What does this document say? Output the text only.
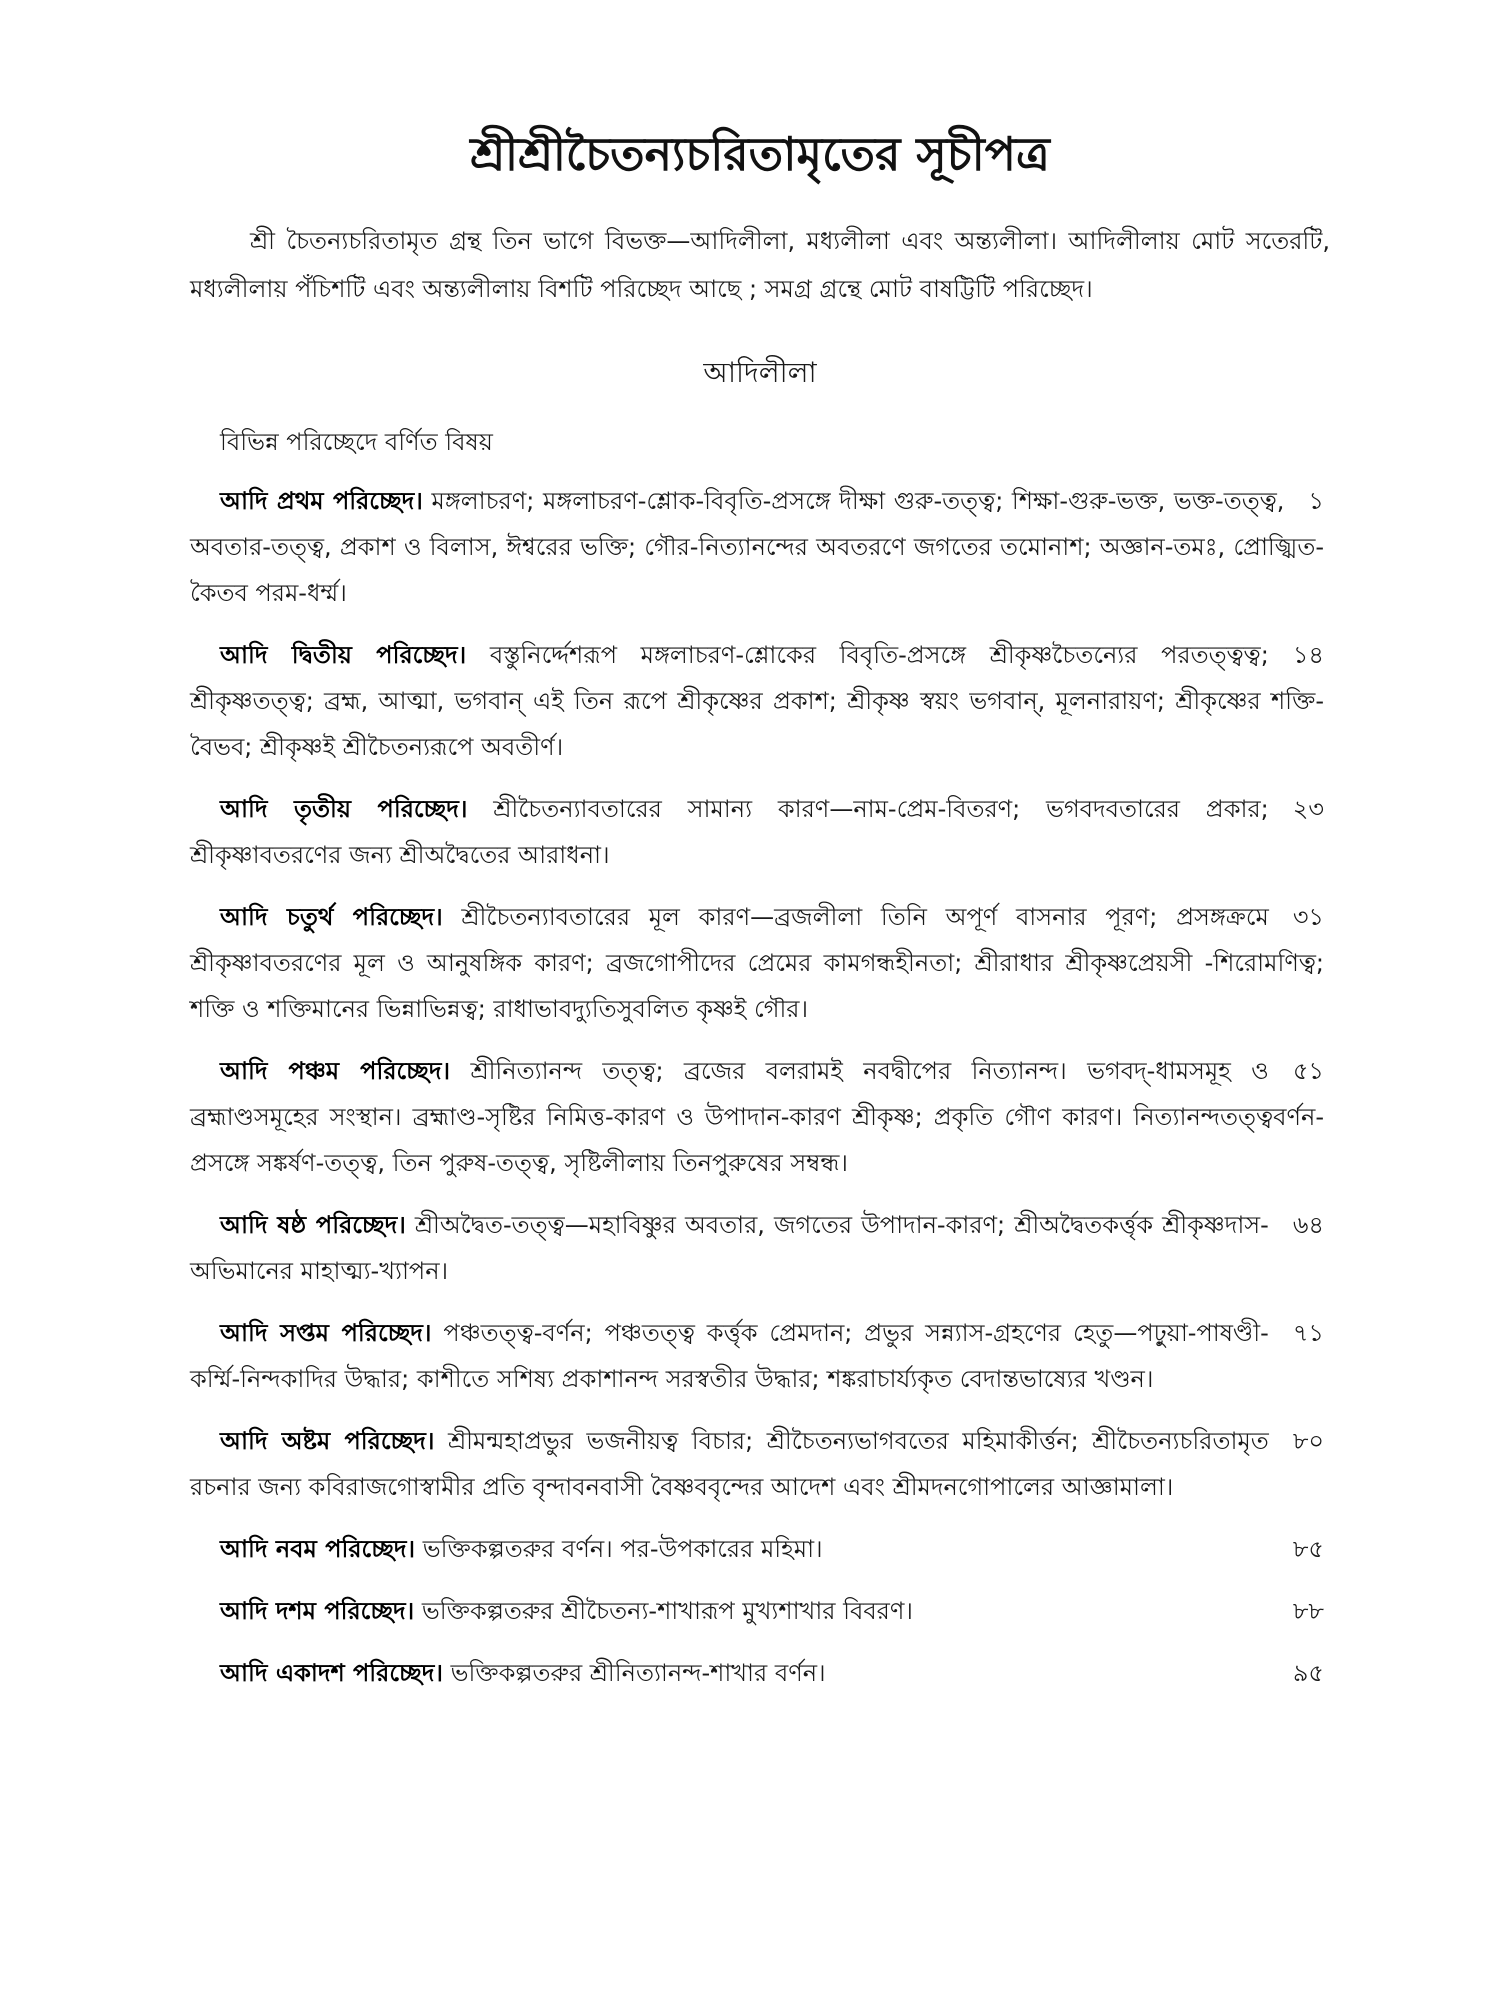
শ্রীশ্রীচৈতন্যচরিতামৃতের সূচীপত্র

শ্রী চৈতন্যচরিতামৃত গ্রন্থ তিন ভাগে বিভক্ত—আদিলীলা, মধ্যলীলা এবং অন্ত্যলীলা। আদিলীলায় মোট সতেরটি, মধ্যলীলায় পঁচিশটি এবং অন্ত্যলীলায় বিশটি পরিচ্ছেদ আছে ; সমগ্র গ্রন্থে মোট বাষট্টিটি পরিচ্ছেদ।

আদিলীলা
বিভিন্ন পরিচ্ছেদে বর্ণিত বিষয়

১
আদি প্রথম পরিচ্ছেদ। মঙ্গলাচরণ; মঙ্গলাচরণ-শ্লোক-বিবৃতি-প্রসঙ্গে দীক্ষা গুরু-তত্ত্ব; শিক্ষা-গুরু-ভক্ত, ভক্ত-তত্ত্ব, অবতার-তত্ত্ব, প্রকাশ ও বিলাস, ঈশ্বরের ভক্তি; গৌর-নিত্যানন্দের অবতরণে জগতের তমোনাশ; অজ্ঞান-তমঃ, প্রোজ্ঝিত-কৈতব পরম-ধর্ম্ম।

১৪
আদি দ্বিতীয় পরিচ্ছেদ। বস্তুনির্দ্দেশরূপ মঙ্গলাচরণ-শ্লোকের বিবৃতি-প্রসঙ্গে শ্রীকৃষ্ণচৈতন্যের পরতত্ত্বত্ব; শ্রীকৃষ্ণতত্ত্ব; ব্রহ্ম, আত্মা, ভগবান্ এই তিন রূপে শ্রীকৃষ্ণের প্রকাশ; শ্রীকৃষ্ণ স্বয়ং ভগবান্, মূলনারায়ণ; শ্রীকৃষ্ণের শক্তি-বৈভব; শ্রীকৃষ্ণই শ্রীচৈতন্যরূপে অবতীর্ণ।

২৩
আদি তৃতীয় পরিচ্ছেদ। শ্রীচৈতন্যাবতারের সামান্য কারণ—নাম-প্রেম-বিতরণ; ভগবদবতারের প্রকার; শ্রীকৃষ্ণাবতরণের জন্য শ্রীঅদ্বৈতের আরাধনা।

৩১
আদি চতুর্থ পরিচ্ছেদ। শ্রীচৈতন্যাবতারের মূল কারণ—ব্রজলীলা তিনি অপূর্ণ বাসনার পূরণ; প্রসঙ্গক্রমে শ্রীকৃষ্ণাবতরণের মূল ও আনুষঙ্গিক কারণ; ব্রজগোপীদের প্রেমের কামগন্ধহীনতা; শ্রীরাধার শ্রীকৃষ্ণপ্রেয়সী -শিরোমণিত্ব; শক্তি ও শক্তিমানের ভিন্নাভিন্নত্ব; রাধাভাবদ্যুতিসুবলিত কৃষ্ণই গৌর।

৫১
আদি পঞ্চম পরিচ্ছেদ। শ্রীনিত্যানন্দ তত্ত্ব; ব্রজের বলরামই নবদ্বীপের নিত্যানন্দ। ভগবদ্-ধামসমূহ ও ব্রহ্মাণ্ডসমূহের সংস্থান। ব্রহ্মাণ্ড-সৃষ্টির নিমিত্ত-কারণ ও উপাদান-কারণ শ্রীকৃষ্ণ; প্রকৃতি গৌণ কারণ। নিত্যানন্দতত্ত্ববর্ণন-প্রসঙ্গে সঙ্কর্ষণ-তত্ত্ব, তিন পুরুষ-তত্ত্ব, সৃষ্টিলীলায় তিনপুরুষের সম্বন্ধ।

৬৪
আদি ষষ্ঠ পরিচ্ছেদ। শ্রীঅদ্বৈত-তত্ত্ব—মহাবিষ্ণুর অবতার, জগতের উপাদান-কারণ; শ্রীঅদ্বৈতকর্ত্তৃক শ্রীকৃষ্ণদাস-অভিমানের মাহাত্ম্য-খ্যাপন।

৭১
আদি সপ্তম পরিচ্ছেদ। পঞ্চতত্ত্ব-বর্ণন; পঞ্চতত্ত্ব কর্ত্তৃক প্রেমদান; প্রভুর সন্ন্যাস-গ্রহণের হেতু—পঢ়ুয়া-পাষণ্ডী-কর্ম্মি-নিন্দকাদির উদ্ধার; কাশীতে সশিষ্য প্রকাশানন্দ সরস্বতীর উদ্ধার; শঙ্করাচার্য্যকৃত বেদান্তভাষ্যের খণ্ডন।

৮০
আদি অষ্টম পরিচ্ছেদ। শ্রীমন্মহাপ্রভুর ভজনীয়ত্ব বিচার; শ্রীচৈতন্যভাগবতের মহিমাকীর্ত্তন; শ্রীচৈতন্যচরিতামৃত রচনার জন্য কবিরাজগোস্বামীর প্রতি বৃন্দাবনবাসী বৈষ্ণববৃন্দের আদেশ এবং শ্রীমদনগোপালের আজ্ঞামালা।

৮৫
আদি নবম পরিচ্ছেদ। ভক্তিকল্পতরুর বর্ণন। পর-উপকারের মহিমা।

৮৮
আদি দশম পরিচ্ছেদ। ভক্তিকল্পতরুর শ্রীচৈতন্য-শাখারূপ মুখ্যশাখার বিবরণ।

৯৫
আদি একাদশ পরিচ্ছেদ। ভক্তিকল্পতরুর শ্রীনিত্যানন্দ-শাখার বর্ণন।
